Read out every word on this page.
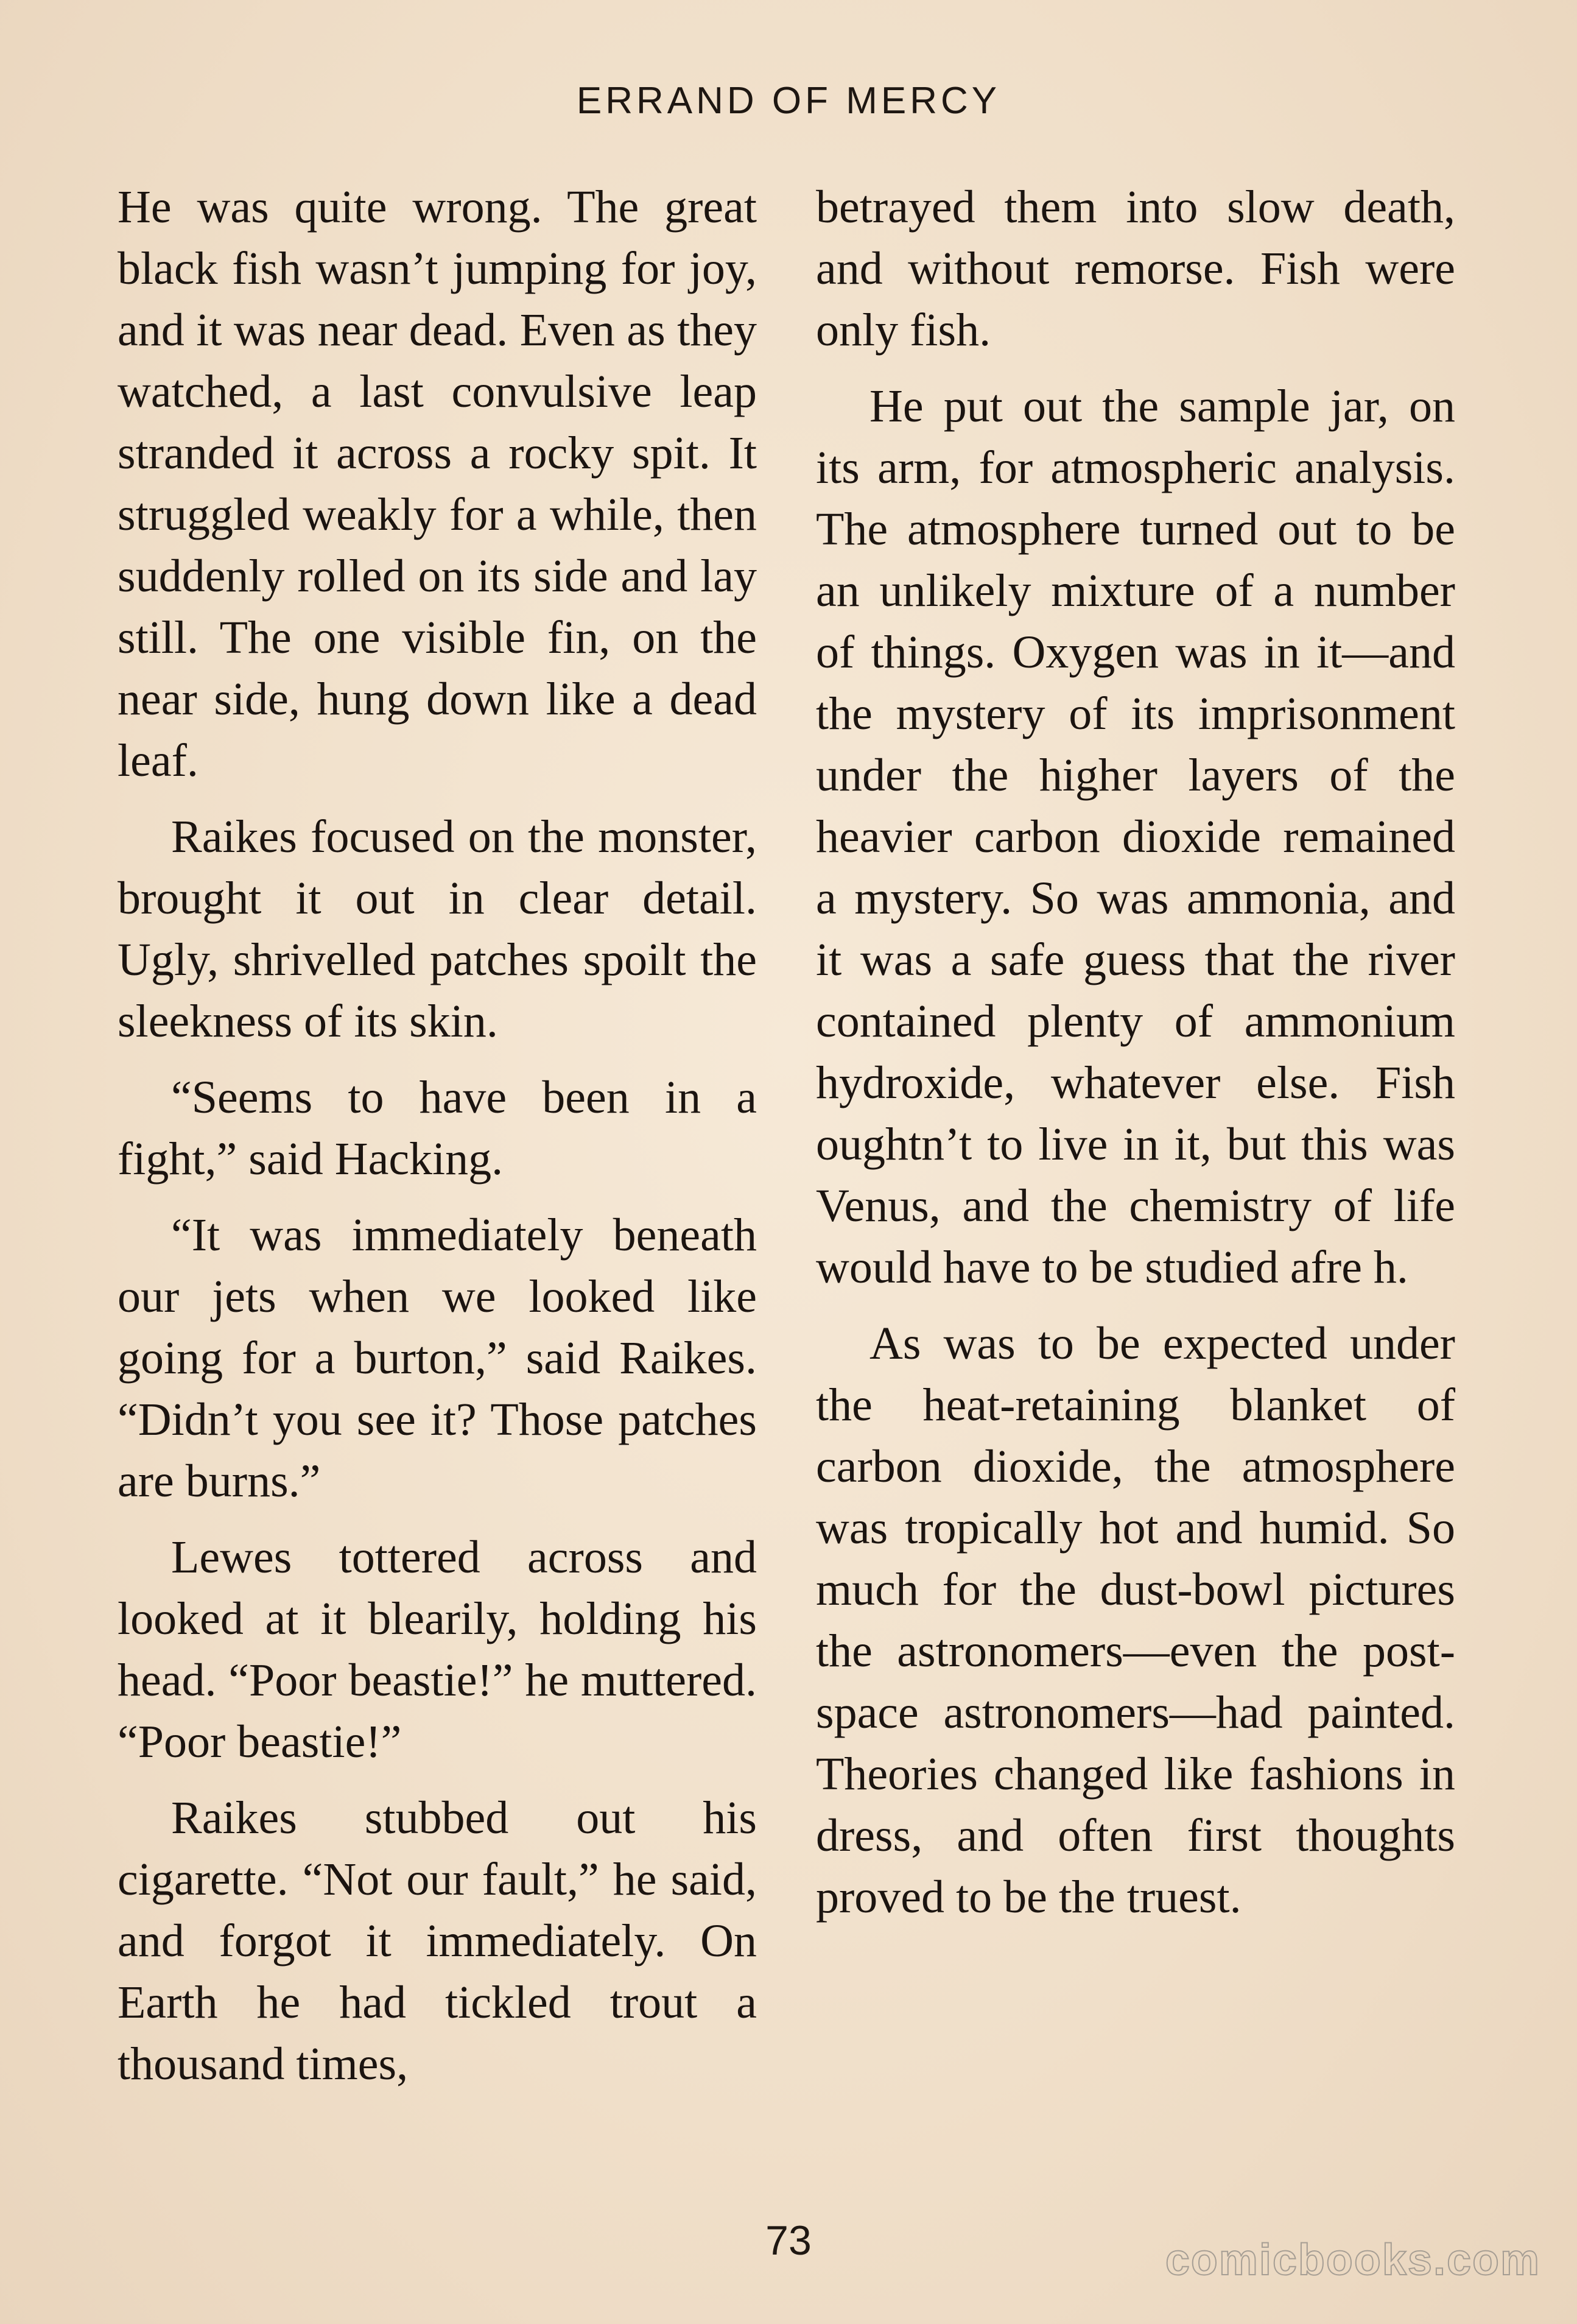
ERRAND OF MERCY

He was quite wrong. The great black fish wasn’t jumping for joy, and it was near dead. Even as they watched, a last convulsive leap stranded it across a rocky spit. It struggled weakly for a while, then suddenly rolled on its side and lay still. The one visible fin, on the near side, hung down like a dead leaf.

Raikes focused on the monster, brought it out in clear detail. Ugly, shrivelled patches spoilt the sleekness of its skin.

“Seems to have been in a fight,” said Hacking.

“It was immediately beneath our jets when we looked like going for a burton,” said Raikes. “Didn’t you see it? Those patches are burns.”

Lewes tottered across and looked at it blearily, holding his head. “Poor beastie!” he muttered. “Poor beastie!”

Raikes stubbed out his cigarette. “Not our fault,” he said, and forgot it immediately. On Earth he had tickled trout a thousand times,

betrayed them into slow death, and without remorse. Fish were only fish.

He put out the sample jar, on its arm, for atmospheric analysis. The atmosphere turned out to be an unlikely mixture of a number of things. Oxygen was in it—and the mystery of its imprisonment under the higher layers of the heavier carbon dioxide remained a mystery. So was ammonia, and it was a safe guess that the river contained plenty of ammonium hydroxide, whatever else. Fish oughtn’t to live in it, but this was Venus, and the chemistry of life would have to be studied afre h.

As was to be expected under the heat-retaining blanket of carbon dioxide, the atmosphere was tropically hot and humid. So much for the dust-bowl pictures the astronomers—even the post-space astronomers—had painted. Theories changed like fashions in dress, and often first thoughts proved to be the truest.

73	comicbooks.com
